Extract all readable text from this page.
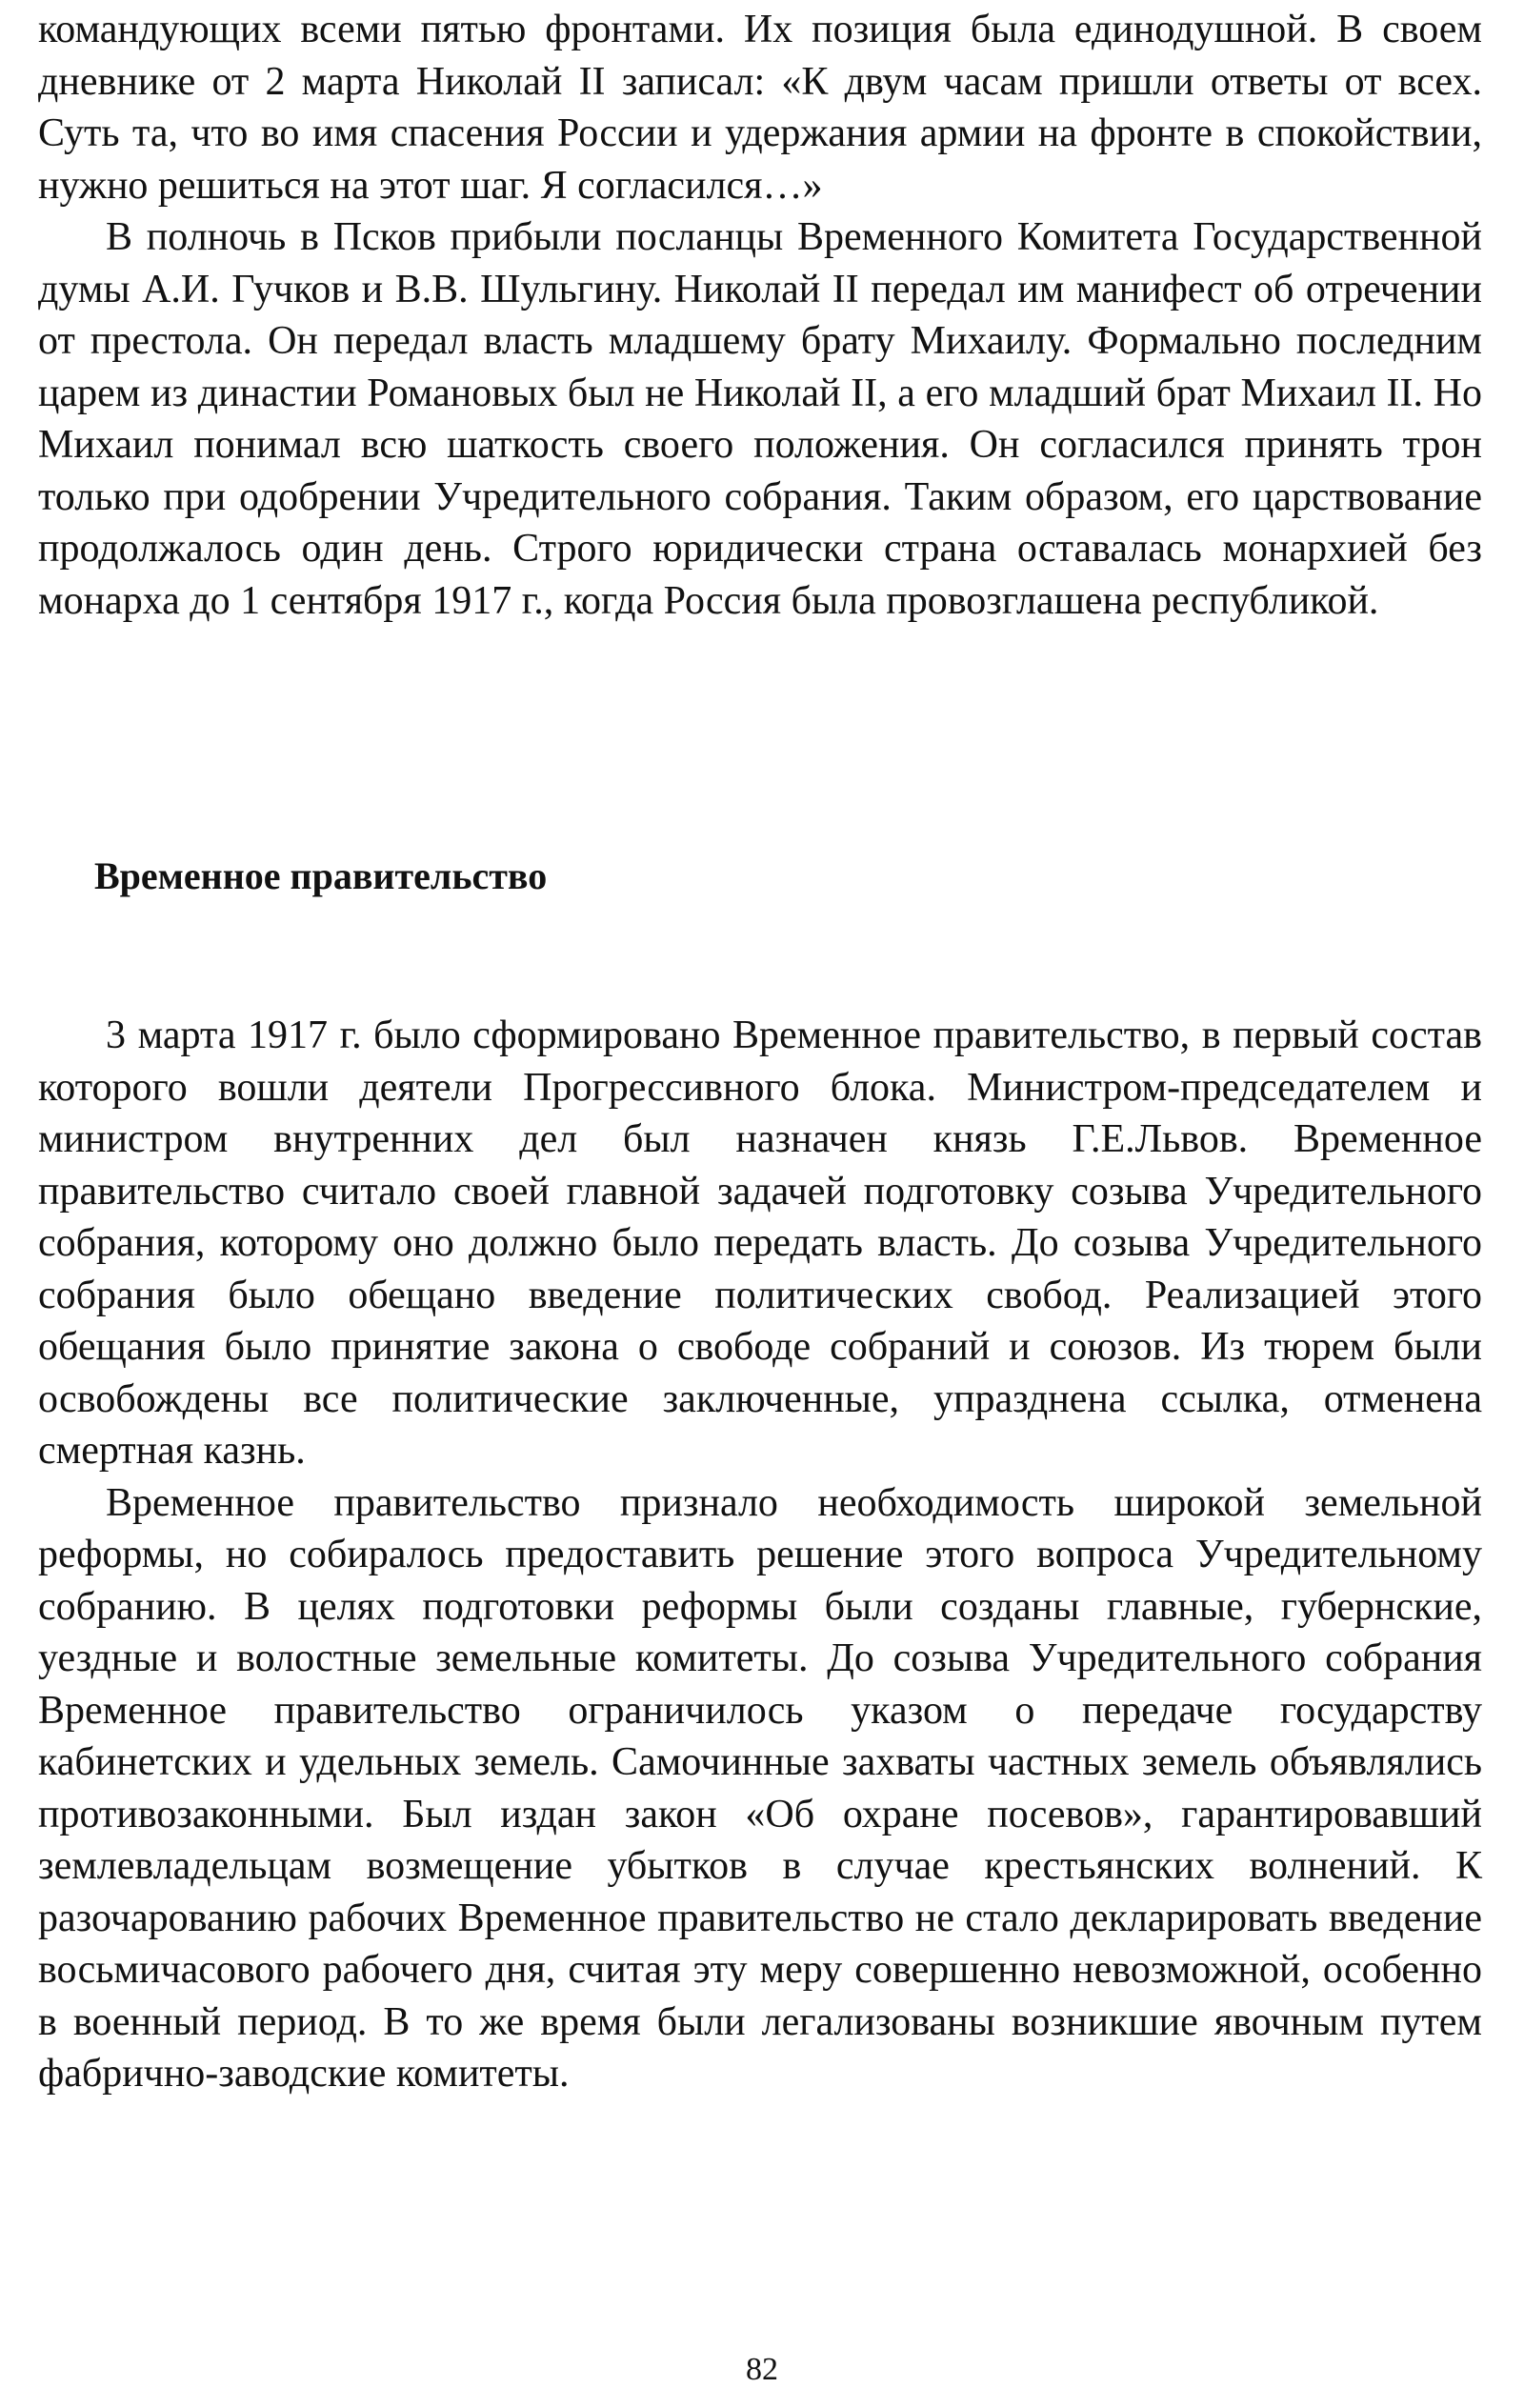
командующих всеми пятью фронтами. Их позиция была единодушной. В своем дневнике от 2 марта Николай II записал: «К двум часам пришли ответы от всех. Суть та, что во имя спасения России и удержания армии на фронте в спокойствии, нужно решиться на этот шаг. Я согласился…»

В полночь в Псков прибыли посланцы Временного Комитета Государственной думы А.И. Гучков и В.В. Шульгину. Николай II передал им манифест об отречении от престола. Он передал власть младшему брату Михаилу. Формально последним царем из династии Романовых был не Николай II, а его младший брат Михаил II. Но Михаил понимал всю шаткость своего положения. Он согласился принять трон только при одобрении Учредительного собрания. Таким образом, его царствование продолжалось один день. Строго юридически страна оставалась монархией без монарха до 1 сентября 1917 г., когда Россия была провозглашена республикой.

Временное правительство

3 марта 1917 г. было сформировано Временное правительство, в первый состав которого вошли деятели Прогрессивного блока. Министром-председателем и министром внутренних дел был назначен князь Г.Е.Львов. Временное правительство считало своей главной задачей подготовку созыва Учредительного собрания, которому оно должно было передать власть. До созыва Учредительного собрания было обещано введение политических свобод. Реализацией этого обещания было принятие закона о свободе собраний и союзов. Из тюрем были освобождены все политические заключенные, упразднена ссылка, отменена смертная казнь.

Временное правительство признало необходимость широкой земельной реформы, но собиралось предоставить решение этого вопроса Учредительному собранию. В целях подготовки реформы были созданы главные, губернские, уездные и волостные земельные комитеты. До созыва Учредительного собрания Временное правительство ограничилось указом о передаче государству кабинетских и удельных земель. Самочинные захваты частных земель объявлялись противозаконными. Был издан закон «Об охране посевов», гарантировавший землевладельцам возмещение убытков в случае крестьянских волнений. К разочарованию рабочих Временное правительство не стало декларировать введение восьмичасового рабочего дня, считая эту меру совершенно невозможной, особенно в военный период. В то же время были легализованы возникшие явочным путем фабрично-заводские комитеты.

82
